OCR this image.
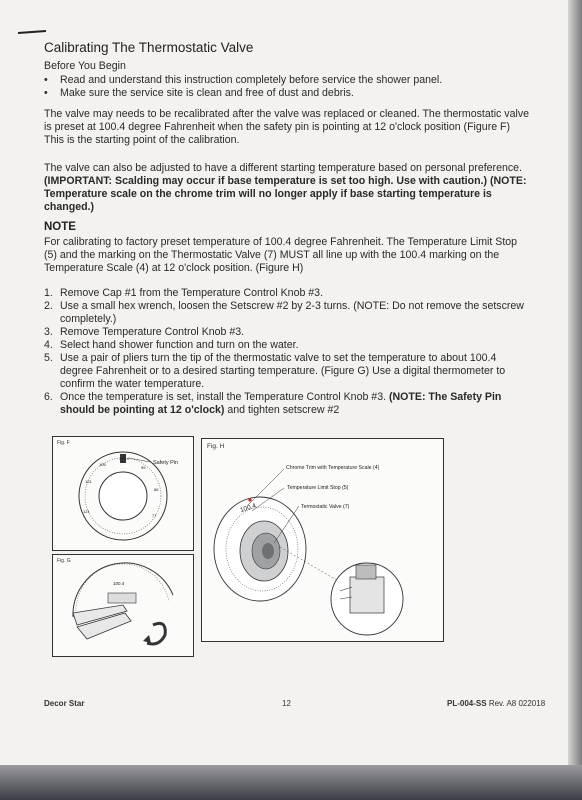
Calibrating The Thermostatic Valve
Before You Begin
• Read and understand this instruction completely before service the shower panel.
• Make sure the service site is clean and free of dust and debris.
The valve may needs to be recalibrated after the valve was replaced or cleaned. The thermostatic valve is preset at 100.4 degree Fahrenheit when the safety pin is pointing at 12 o'clock position (Figure F) This is the starting point of the calibration.
The valve can also be adjusted to have a different starting temperature based on personal preference. (IMPORTANT: Scalding may occur if base temperature is set too high. Use with caution.) (NOTE: Temperature scale on the chrome trim will no longer apply if base starting temperature is changed.)
NOTE
For calibrating to factory preset temperature of 100.4 degree Fahrenheit. The Temperature Limit Stop (5) and the marking on the Thermostatic Valve (7) MUST all line up with the 100.4 marking on the Temperature Scale (4) at 12 o'clock position. (Figure H)
1. Remove Cap #1 from the Temperature Control Knob #3.
2. Use a small hex wrench, loosen the Setscrew #2 by 2-3 turns. (NOTE: Do not remove the setscrew completely.)
3. Remove Temperature Control Knob #3.
4. Select hand shower function and turn on the water.
5. Use a pair of pliers turn the tip of the thermostatic valve to set the temperature to about 100.4 degree Fahrenheit or to a desired starting temperature. (Figure G) Use a digital thermometer to confirm the water temperature.
6. Once the temperature is set, install the Temperature Control Knob #3. (NOTE: The Safety Pin should be pointing at 12 o'clock) and tighten setscrew #2
Fig. F
100.4
106
95
113
86
121
77
Safety Pin
Fig. G
100.4
Fig. H
100.4
Chrome Trim with Temperature Scale (4)
Temperature Limit Stop (5)
Termostatic Valve (7)
Decor Star	12	PL-004-SS Rev. A8 022018
